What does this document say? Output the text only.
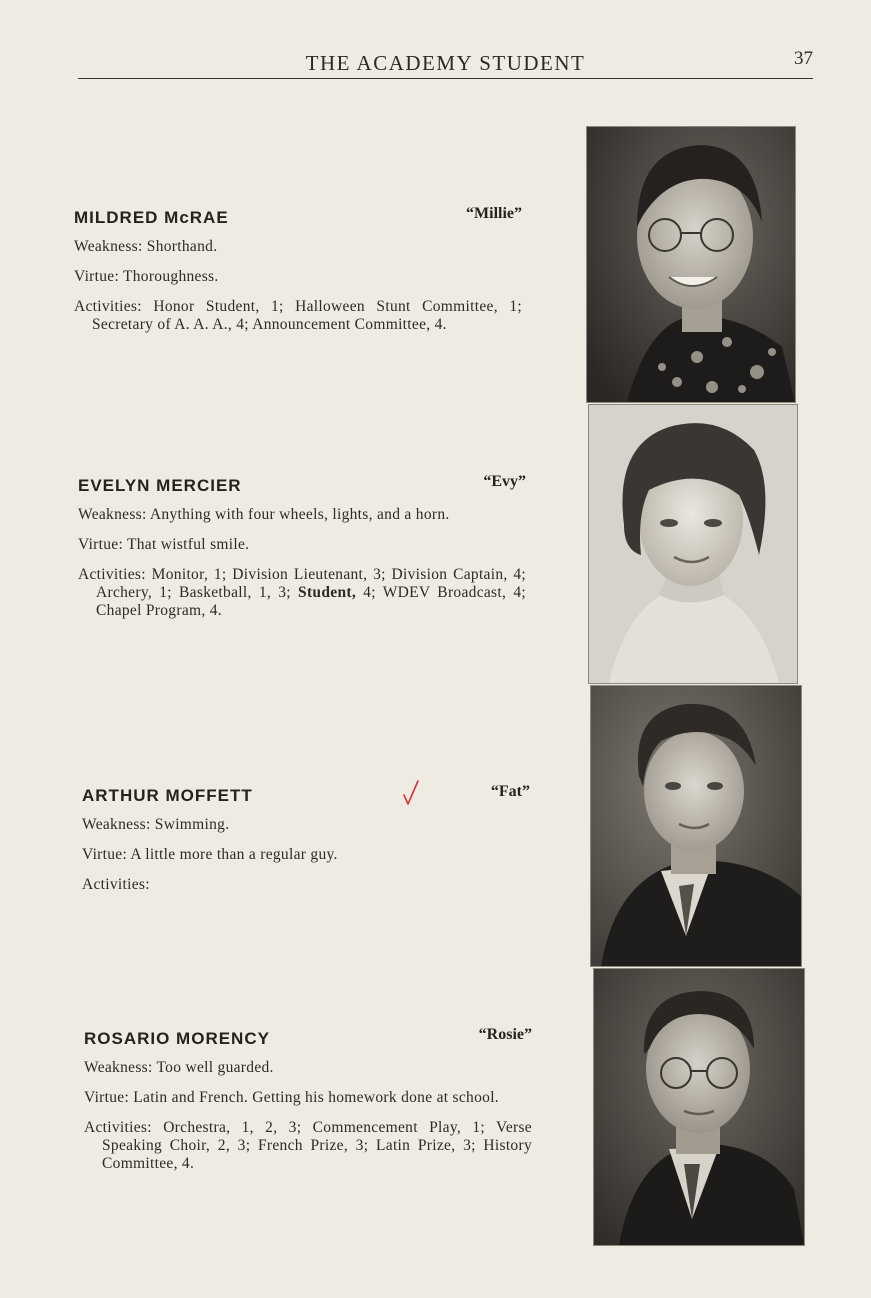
THE ACADEMY STUDENT	37
MILDRED McRAE	“Millie”
Weakness: Shorthand.
Virtue: Thoroughness.
Activities: Honor Student, 1; Halloween Stunt Committee, 1; Secretary of A. A. A., 4; Announcement Committee, 4.
EVELYN MERCIER	“Evy”
Weakness: Anything with four wheels, lights, and a horn.
Virtue: That wistful smile.
Activities: Monitor, 1; Division Lieutenant, 3; Division Captain, 4; Archery, 1; Basketball, 1, 3; Student, 4; WDEV Broadcast, 4; Chapel Program, 4.
ARTHUR MOFFETT	“Fat”
Weakness: Swimming.
Virtue: A little more than a regular guy.
Activities:
ROSARIO MORENCY	“Rosie”
Weakness: Too well guarded.
Virtue: Latin and French. Getting his homework done at school.
Activities: Orchestra, 1, 2, 3; Commencement Play, 1; Verse Speaking Choir, 2, 3; French Prize, 3; Latin Prize, 3; History Committee, 4.
